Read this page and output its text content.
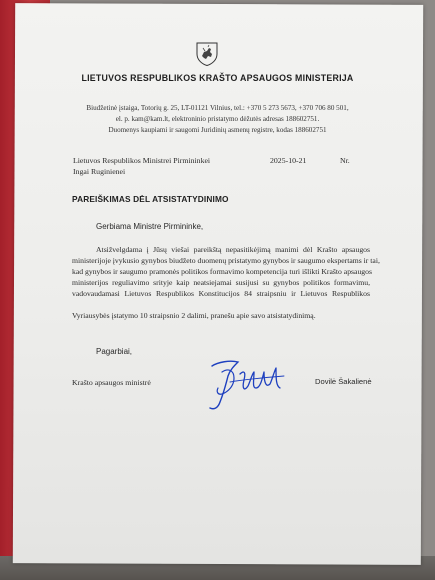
LIETUVOS RESPUBLIKOS KRAŠTO APSAUGOS MINISTERIJA
Biudžetinė įstaiga, Totorių g. 25, LT-01121 Vilnius, tel.: +370 5 273 5673, +370 706 80 501,
el. p. kam@kam.lt, elektroninio pristatymo dėžutės adresas 188602751.
Duomenys kaupiami ir saugomi Juridinių asmenų registre, kodas 188602751
Lietuvos Respublikos Ministrei Pirmininkei
Ingai Ruginienei
2025-10-21	Nr.
PAREIŠKIMAS DĖL ATSISTATYDINIMO
Gerbiama Ministre Pirmininke,
Atsižvelgdama į Jūsų viešai pareikštą nepasitikėjimą manimi dėl Krašto apsaugos
ministerijoje įvykusio gynybos biudžeto duomenų pristatymo gynybos ir saugumo ekspertams ir tai,
kad gynybos ir saugumo pramonės politikos formavimo kompetencija turi išlikti Krašto apsaugos
ministerijos reguliavimo srityje kaip neatsiejamai susijusi su gynybos politikos formavimu,
vadovaudamasi Lietuvos Respublikos Konstitucijos 84 straipsniu ir Lietuvos Respublikos
Vyriausybės įstatymo 10 straipsnio 2 dalimi, pranešu apie savo atsistatydinimą.
Pagarbiai,
Krašto apsaugos ministrė	Dovilė Šakalienė
